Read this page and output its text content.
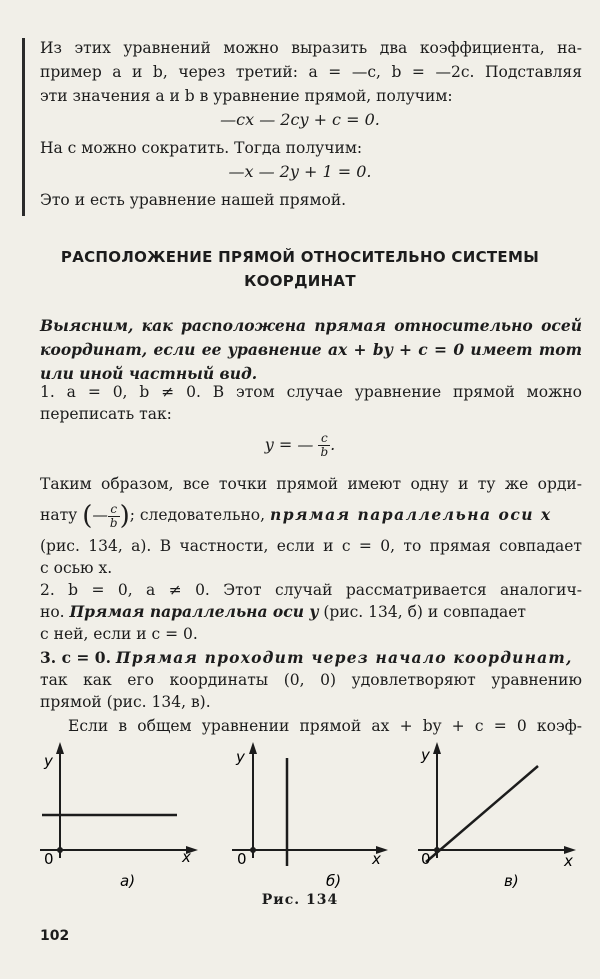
Из этих уравнений можно выразить два коэффициента, на-
пример a и b, через третий: a = —c, b = —2c. Подставляя
эти значения a и b в уравнение прямой, получим:
—cx — 2cy + c = 0.
На c можно сократить. Тогда получим:
—x — 2y + 1 = 0.
Это и есть уравнение нашей прямой.
РАСПОЛОЖЕНИЕ ПРЯМОЙ ОТНОСИТЕЛЬНО СИСТЕМЫ
КООРДИНАТ
Выясним, как расположена прямая относительно осей
координат, если ее уравнение ax + by + c = 0 имеет тот
или иной частный вид.
1. a = 0, b ≠ 0. В этом случае уравнение прямой можно
переписать так:
y = — $\frac{c}{b}$ .
Таким образом, все точки прямой имеют одну и ту же орди-
нату (— $\frac{c}{b}$ ); следовательно, прямая параллельна оси x
(рис. 134, а). В частности, если и c = 0, то прямая совпадает
с осью x.
2. b = 0, a ≠ 0. Этот случай рассматривается аналогич-
но. Прямая параллельна оси y (рис. 134, б) и совпадает
с ней, если и c = 0.
3. c = 0. Прямая проходит через начало координат,
так как его координаты (0, 0) удовлетворяют уравнению
прямой (рис. 134, в).
Если в общем уравнении прямой ax + by + c = 0 коэф-
y
x
0
а)
y
x
0
б)
y
x
0
в)
Рис. 134
102
